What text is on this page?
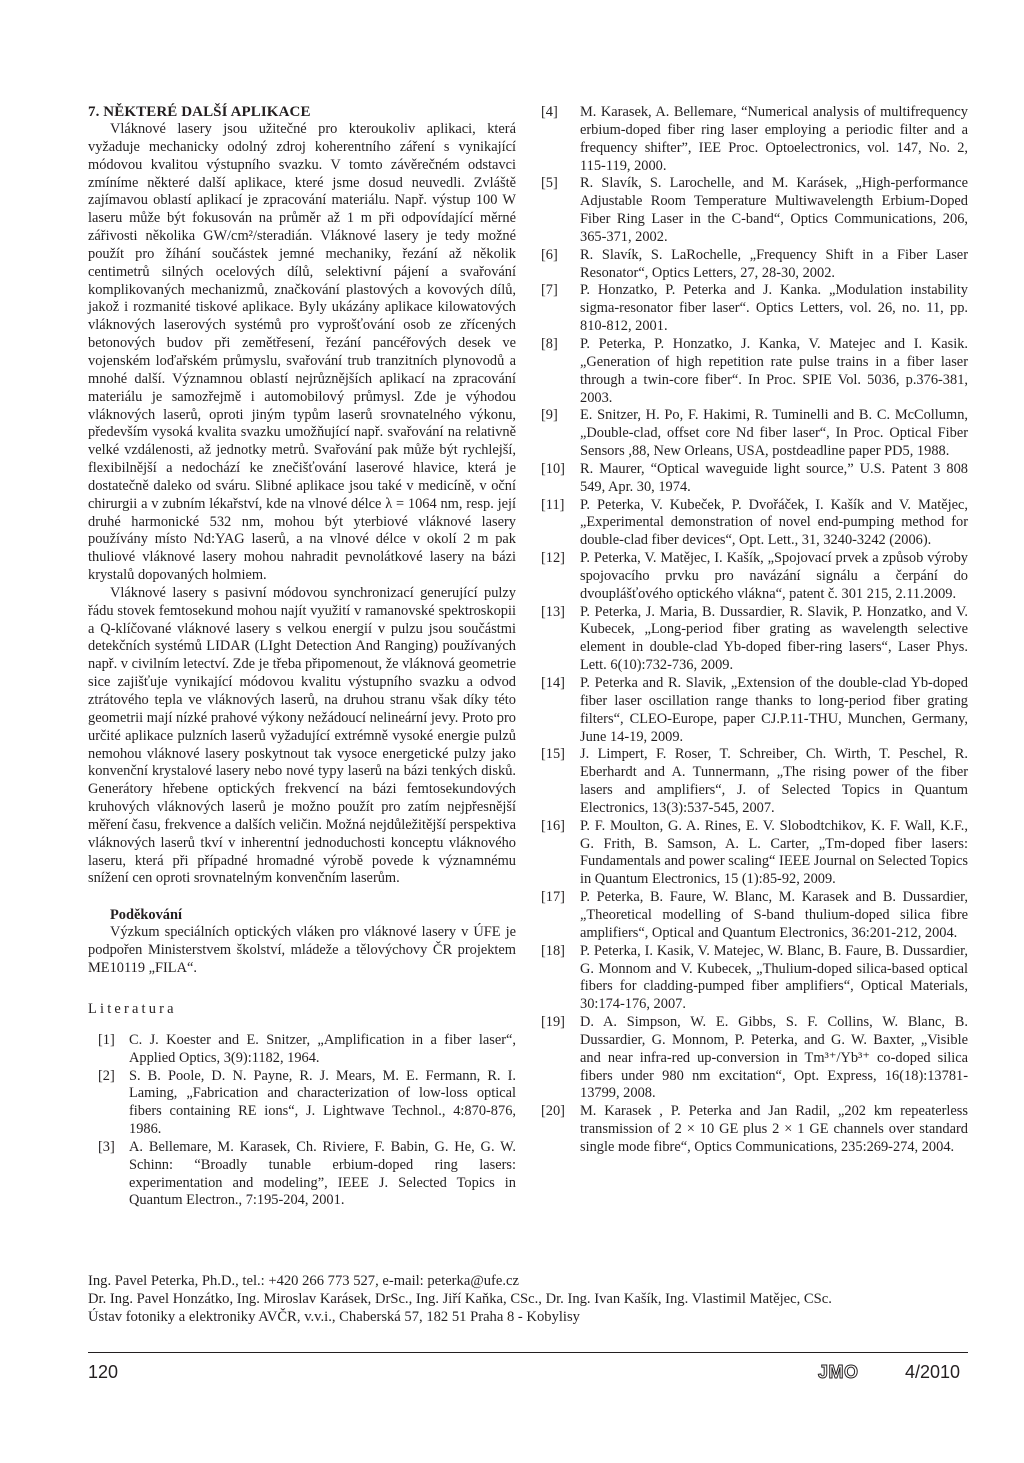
7. NĚKTERÉ DALŠÍ APLIKACE

Vláknové lasery jsou užitečné pro kteroukoliv aplikaci, která vyžaduje mechanicky odolný zdroj koherentního záření s vynikající módovou kvalitou výstupního svazku. V tomto závěrečném odstavci zmíníme některé další aplikace, které jsme dosud neuvedli. Zvláště zajímavou oblastí aplikací je zpracování materiálu. Např. výstup 100 W laseru může být fokusován na průměr až 1 m při odpovídající měrné zářivosti několika GW/cm²/steradián. Vláknové lasery je tedy možné použít pro žíhání součástek jemné mechaniky, řezání až několik centimetrů silných ocelových dílů, selektivní pájení a svařování komplikovaných mechanizmů, značkování plastových a kovových dílů, jakož i rozmanité tiskové aplikace. Byly ukázány aplikace kilowatových vláknových laserových systémů pro vyprošťování osob ze zřícených betonových budov při zemětřesení, řezání pancéřových desek ve vojenském loďařském průmyslu, svařování trub tranzitních plynovodů a mnohé další. Významnou oblastí nejrůznějších aplikací na zpracování materiálu je samozřejmě i automobilový průmysl. Zde je výhodou vláknových laserů, oproti jiným typům laserů srovnatelného výkonu, především vysoká kvalita svazku umožňující např. svařování na relativně velké vzdálenosti, až jednotky metrů. Svařování pak může být rychlejší, flexibilnější a nedochází ke znečišťování laserové hlavice, která je dostatečně daleko od sváru. Slibné aplikace jsou také v medicíně, v oční chirurgii a v zubním lékařství, kde na vlnové délce λ = 1064 nm, resp. její druhé harmonické 532 nm, mohou být yterbiové vláknové lasery používány místo Nd:YAG laserů, a na vlnové délce v okolí 2 m pak thuliové vláknové lasery mohou nahradit pevnolátkové lasery na bázi krystalů dopovaných holmiem.

Vláknové lasery s pasivní módovou synchronizací generující pulzy řádu stovek femtosekund mohou najít využití v ramanovské spektroskopii a Q-klíčované vláknové lasery s velkou energií v pulzu jsou součástmi detekčních systémů LIDAR (LIght Detection And Ranging) používaných např. v civilním letectví. Zde je třeba připomenout, že vláknová geometrie sice zajišťuje vynikající módovou kvalitu výstupního svazku a odvod ztrátového tepla ve vláknových laserů, na druhou stranu však díky této geometrii mají nízké prahové výkony nežádoucí nelineární jevy. Proto pro určité aplikace pulzních laserů vyžadující extrémně vysoké energie pulzů nemohou vláknové lasery poskytnout tak vysoce energetické pulzy jako konvenční krystalové lasery nebo nové typy laserů na bázi tenkých disků. Generátory hřebene optických frekvencí na bázi femtosekundových kruhových vláknových laserů je možno použít pro zatím nejpřesnější měření času, frekvence a dalších veličin. Možná nejdůležitější perspektiva vláknových laserů tkví v inherentní jednoduchosti konceptu vláknového laseru, která při případné hromadné výrobě povede k významnému snížení cen oproti srovnatelným konvenčním laserům.

Poděkování

Výzkum speciálních optických vláken pro vláknové lasery v ÚFE je podpořen Ministerstvem školství, mládeže a tělovýchovy ČR projektem ME10119 „FILA“.

Literatura
[1] C. J. Koester and E. Snitzer, „Amplification in a fiber laser“, Applied Optics, 3(9):1182, 1964.
[2] S. B. Poole, D. N. Payne, R. J. Mears, M. E. Fermann, R. I. Laming, „Fabrication and characterization of low-loss optical fibers containing RE ions“, J. Lightwave Technol., 4:870-876, 1986.
[3] A. Bellemare, M. Karasek, Ch. Riviere, F. Babin, G. He, G. W. Schinn: “Broadly tunable erbium-doped ring lasers: experimentation and modeling”, IEEE J. Selected Topics in Quantum Electron., 7:195-204, 2001.
[4] M. Karasek, A. Bellemare, “Numerical analysis of multifrequency erbium-doped fiber ring laser employing a periodic filter and a frequency shifter”, IEE Proc. Optoelectronics, vol. 147, No. 2, 115-119, 2000.
[5] R. Slavík, S. Larochelle, and M. Karásek, „High-performance Adjustable Room Temperature Multiwavelength Erbium-Doped Fiber Ring Laser in the C-band“, Optics Communications, 206, 365-371, 2002.
[6] R. Slavík, S. LaRochelle, „Frequency Shift in a Fiber Laser Resonator“, Optics Letters, 27, 28-30, 2002.
[7] P. Honzatko, P. Peterka and J. Kanka. „Modulation instability sigma-resonator fiber laser“. Optics Letters, vol. 26, no. 11, pp. 810-812, 2001.
[8] P. Peterka, P. Honzatko, J. Kanka, V. Matejec and I. Kasik. „Generation of high repetition rate pulse trains in a fiber laser through a twin-core fiber“. In Proc. SPIE Vol. 5036, p.376-381, 2003.
[9] E. Snitzer, H. Po, F. Hakimi, R. Tuminelli and B. C. McCollumn, „Double-clad, offset core Nd fiber laser“, In Proc. Optical Fiber Sensors ,88, New Orleans, USA, postdeadline paper PD5, 1988.
[10] R. Maurer, “Optical waveguide light source,” U.S. Patent 3 808 549, Apr. 30, 1974.
[11] P. Peterka, V. Kubeček, P. Dvořáček, I. Kašík and V. Matějec, „Experimental demonstration of novel end-pumping method for double-clad fiber devices“, Opt. Lett., 31, 3240-3242 (2006).
[12] P. Peterka, V. Matějec, I. Kašík, „Spojovací prvek a způsob výroby spojovacího prvku pro navázání signálu a čerpání do dvouplášťového optického vlákna“, patent č. 301 215, 2.11.2009.
[13] P. Peterka, J. Maria, B. Dussardier, R. Slavik, P. Honzatko, and V. Kubecek, „Long-period fiber grating as wavelength selective element in double-clad Yb-doped fiber-ring lasers“, Laser Phys. Lett. 6(10):732-736, 2009.
[14] P. Peterka and R. Slavik, „Extension of the double-clad Yb-doped fiber laser oscillation range thanks to long-period fiber grating filters“, CLEO-Europe, paper CJ.P.11-THU, Munchen, Germany, June 14-19, 2009.
[15] J. Limpert, F. Roser, T. Schreiber, Ch. Wirth, T. Peschel, R. Eberhardt and A. Tunnermann, „The rising power of the fiber lasers and amplifiers“, J. of Selected Topics in Quantum Electronics, 13(3):537-545, 2007.
[16] P. F. Moulton, G. A. Rines, E. V. Slobodtchikov, K. F. Wall, K.F., G. Frith, B. Samson, A. L. Carter, „Tm-doped fiber lasers: Fundamentals and power scaling“ IEEE Journal on Selected Topics in Quantum Electronics, 15 (1):85-92, 2009.
[17] P. Peterka, B. Faure, W. Blanc, M. Karasek and B. Dussardier, „Theoretical modelling of S-band thulium-doped silica fibre amplifiers“, Optical and Quantum Electronics, 36:201-212, 2004.
[18] P. Peterka, I. Kasik, V. Matejec, W. Blanc, B. Faure, B. Dussardier, G. Monnom and V. Kubecek, „Thulium-doped silica-based optical fibers for cladding-pumped fiber amplifiers“, Optical Materials, 30:174-176, 2007.
[19] D. A. Simpson, W. E. Gibbs, S. F. Collins, W. Blanc, B. Dussardier, G. Monnom, P. Peterka, and G. W. Baxter, „Visible and near infra-red up-conversion in Tm³⁺/Yb³⁺ co-doped silica fibers under 980 nm excitation“, Opt. Express, 16(18):13781-13799, 2008.
[20] M. Karasek , P. Peterka and Jan Radil, „202 km repeaterless transmission of 2 × 10 GE plus 2 × 1 GE channels over standard single mode fibre“, Optics Communications, 235:269-274, 2004.
Ing. Pavel Peterka, Ph.D., tel.: +420 266 773 527, e-mail: peterka@ufe.cz
Dr. Ing. Pavel Honzátko, Ing. Miroslav Karásek, DrSc., Ing. Jiří Kaňka, CSc., Dr. Ing. Ivan Kašík, Ing. Vlastimil Matějec, CSc.
Ústav fotoniky a elektroniky AVČR, v.v.i., Chaberská 57, 182 51 Praha 8 - Kobylisy
120	JMO	4/2010
